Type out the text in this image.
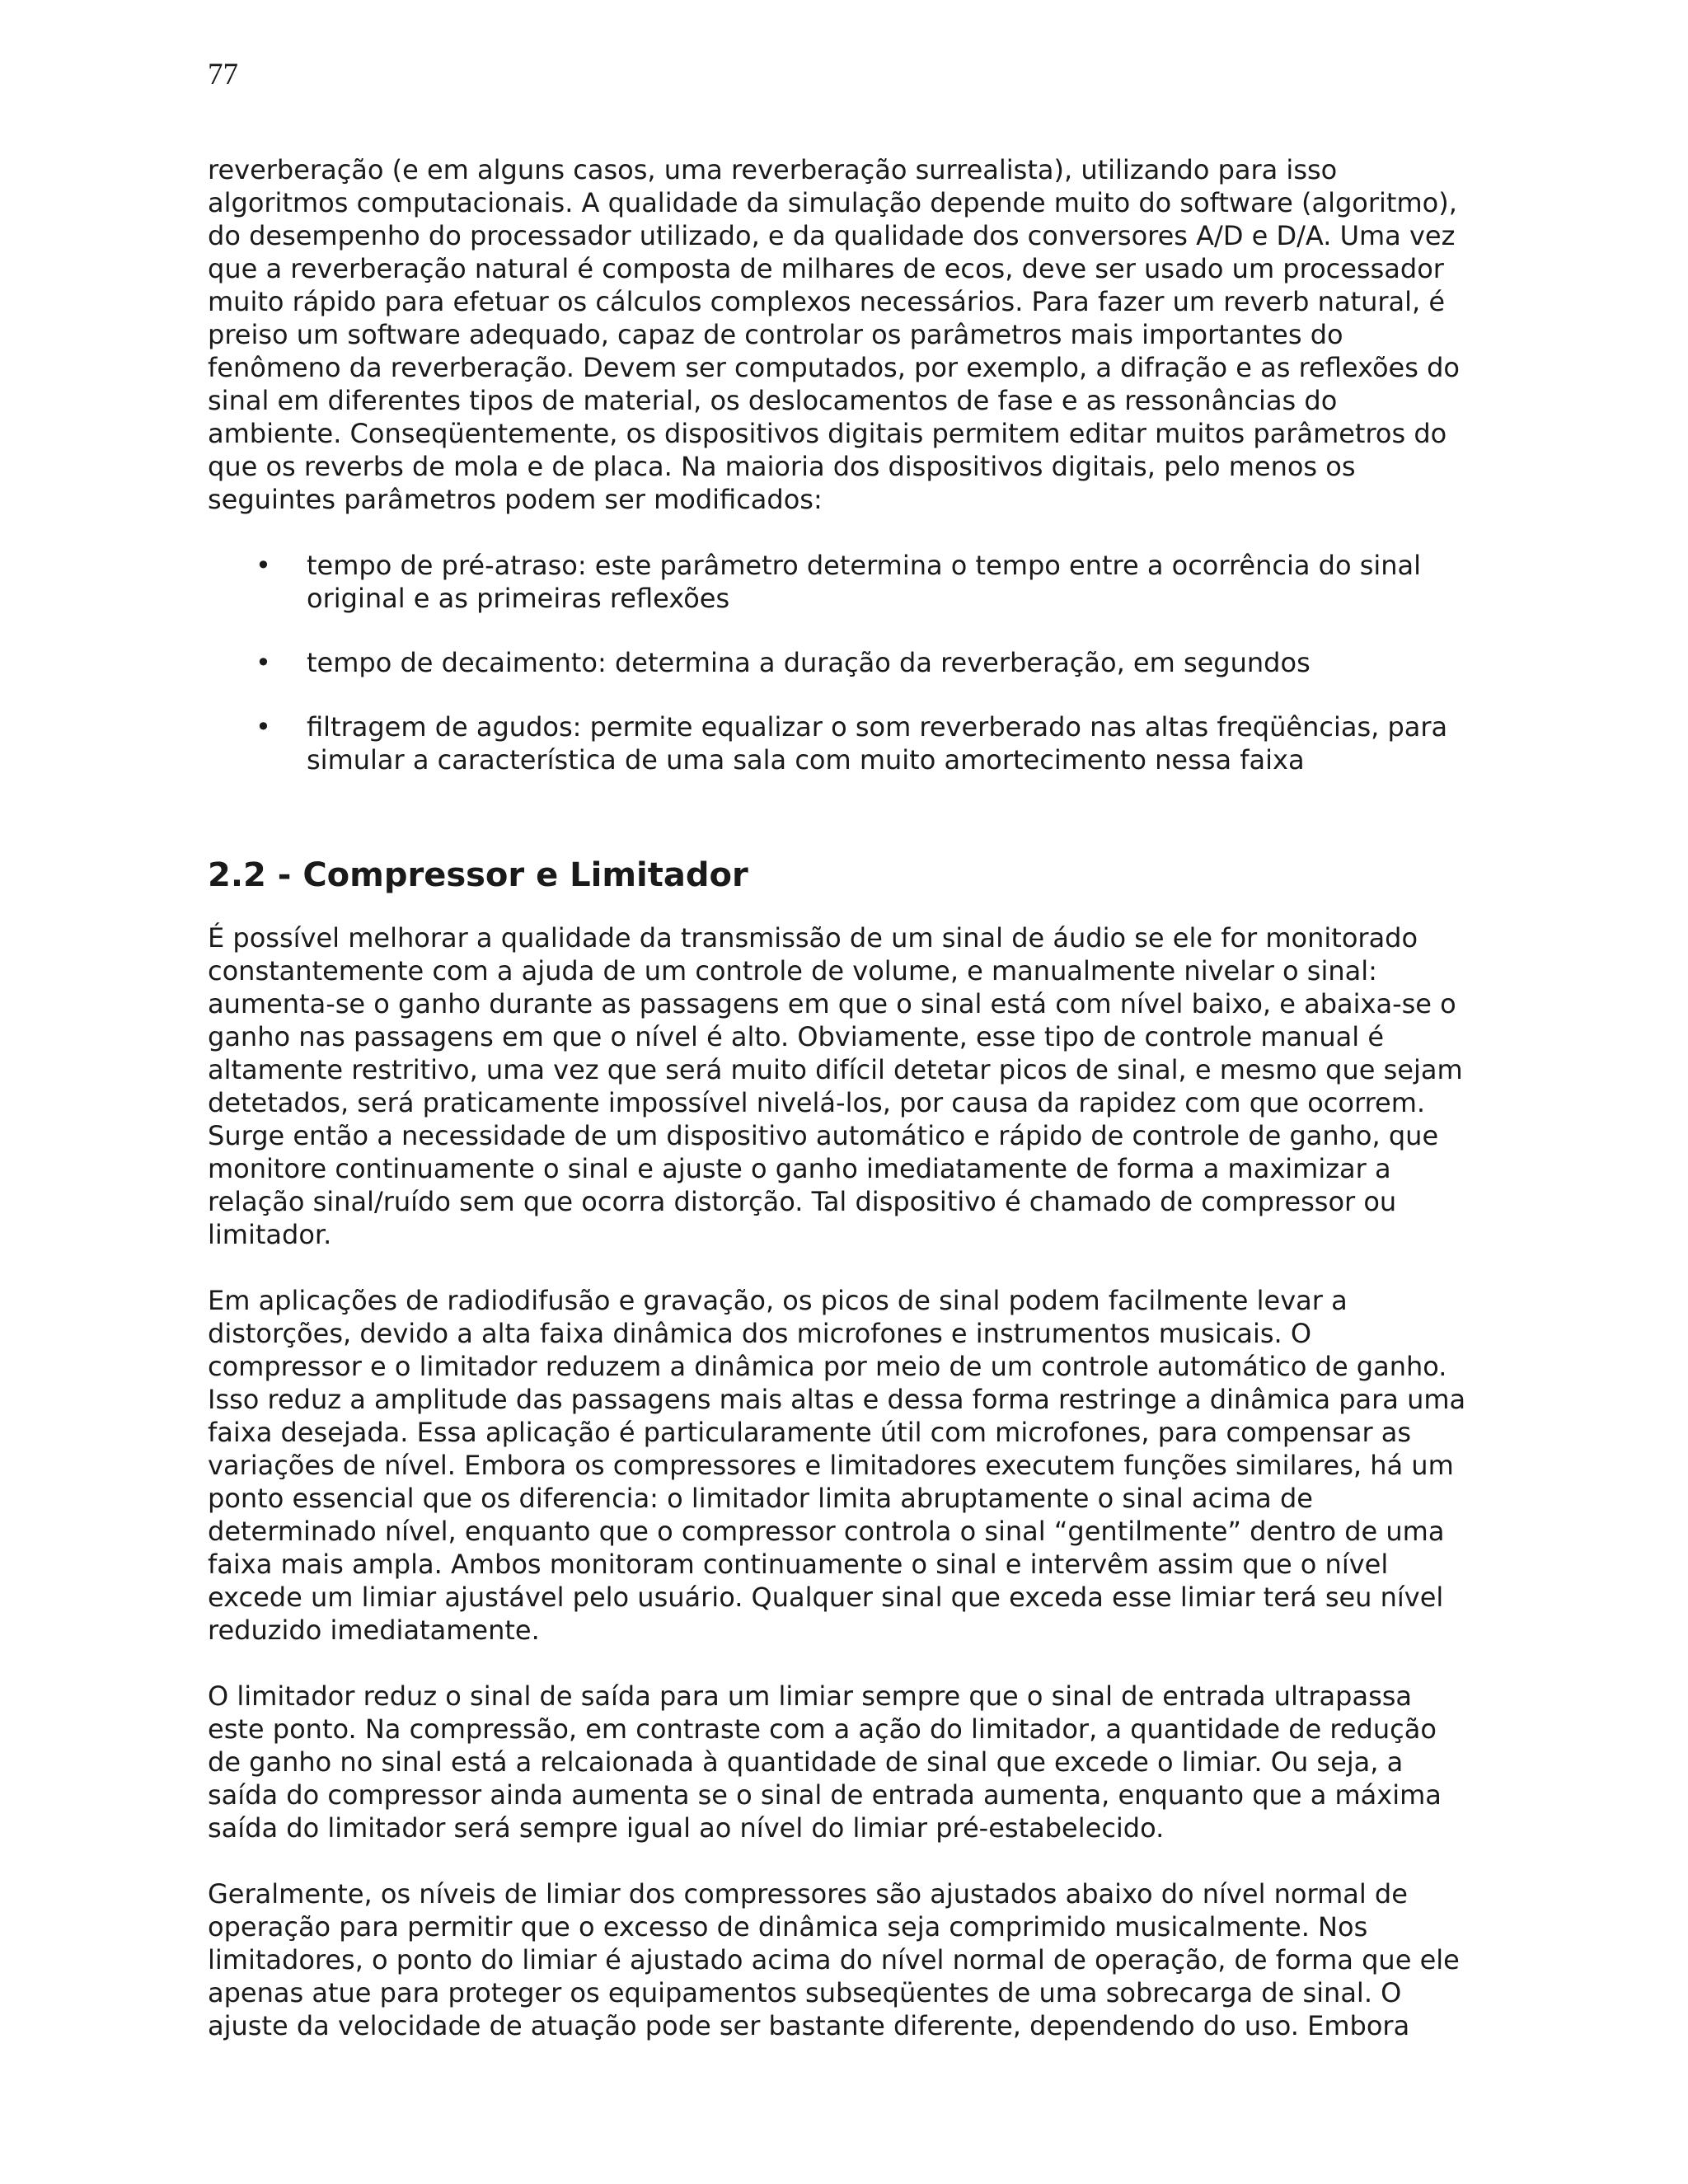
77

reverberação (e em alguns casos, uma reverberação surrealista), utilizando para isso
algoritmos computacionais. A qualidade da simulação depende muito do software (algoritmo),
do desempenho do processador utilizado, e da qualidade dos conversores A/D e D/A. Uma vez
que a reverberação natural é composta de milhares de ecos, deve ser usado um processador
muito rápido para efetuar os cálculos complexos necessários. Para fazer um reverb natural, é
preiso um software adequado, capaz de controlar os parâmetros mais importantes do
fenômeno da reverberação. Devem ser computados, por exemplo, a difração e as reflexões do
sinal em diferentes tipos de material, os deslocamentos de fase e as ressonâncias do
ambiente. Conseqüentemente, os dispositivos digitais permitem editar muitos parâmetros do
que os reverbs de mola e de placa. Na maioria dos dispositivos digitais, pelo menos os
seguintes parâmetros podem ser modificados:

• tempo de pré-atraso: este parâmetro determina o tempo entre a ocorrência do sinal
original e as primeiras reflexões
• tempo de decaimento: determina a duração da reverberação, em segundos
• filtragem de agudos: permite equalizar o som reverberado nas altas freqüências, para
simular a característica de uma sala com muito amortecimento nessa faixa
2.2 - Compressor e Limitador

É possível melhorar a qualidade da transmissão de um sinal de áudio se ele for monitorado
constantemente com a ajuda de um controle de volume, e manualmente nivelar o sinal:
aumenta-se o ganho durante as passagens em que o sinal está com nível baixo, e abaixa-se o
ganho nas passagens em que o nível é alto. Obviamente, esse tipo de controle manual é
altamente restritivo, uma vez que será muito difícil detetar picos de sinal, e mesmo que sejam
detetados, será praticamente impossível nivelá-los, por causa da rapidez com que ocorrem.
Surge então a necessidade de um dispositivo automático e rápido de controle de ganho, que
monitore continuamente o sinal e ajuste o ganho imediatamente de forma a maximizar a
relação sinal/ruído sem que ocorra distorção. Tal dispositivo é chamado de compressor ou
limitador.

Em aplicações de radiodifusão e gravação, os picos de sinal podem facilmente levar a
distorções, devido a alta faixa dinâmica dos microfones e instrumentos musicais. O
compressor e o limitador reduzem a dinâmica por meio de um controle automático de ganho.
Isso reduz a amplitude das passagens mais altas e dessa forma restringe a dinâmica para uma
faixa desejada. Essa aplicação é particularamente útil com microfones, para compensar as
variações de nível. Embora os compressores e limitadores executem funções similares, há um
ponto essencial que os diferencia: o limitador limita abruptamente o sinal acima de
determinado nível, enquanto que o compressor controla o sinal “gentilmente” dentro de uma
faixa mais ampla. Ambos monitoram continuamente o sinal e intervêm assim que o nível
excede um limiar ajustável pelo usuário. Qualquer sinal que exceda esse limiar terá seu nível
reduzido imediatamente.

O limitador reduz o sinal de saída para um limiar sempre que o sinal de entrada ultrapassa
este ponto. Na compressão, em contraste com a ação do limitador, a quantidade de redução
de ganho no sinal está a relcaionada à quantidade de sinal que excede o limiar. Ou seja, a
saída do compressor ainda aumenta se o sinal de entrada aumenta, enquanto que a máxima
saída do limitador será sempre igual ao nível do limiar pré-estabelecido.

Geralmente, os níveis de limiar dos compressores são ajustados abaixo do nível normal de
operação para permitir que o excesso de dinâmica seja comprimido musicalmente. Nos
limitadores, o ponto do limiar é ajustado acima do nível normal de operação, de forma que ele
apenas atue para proteger os equipamentos subseqüentes de uma sobrecarga de sinal. O
ajuste da velocidade de atuação pode ser bastante diferente, dependendo do uso. Embora
